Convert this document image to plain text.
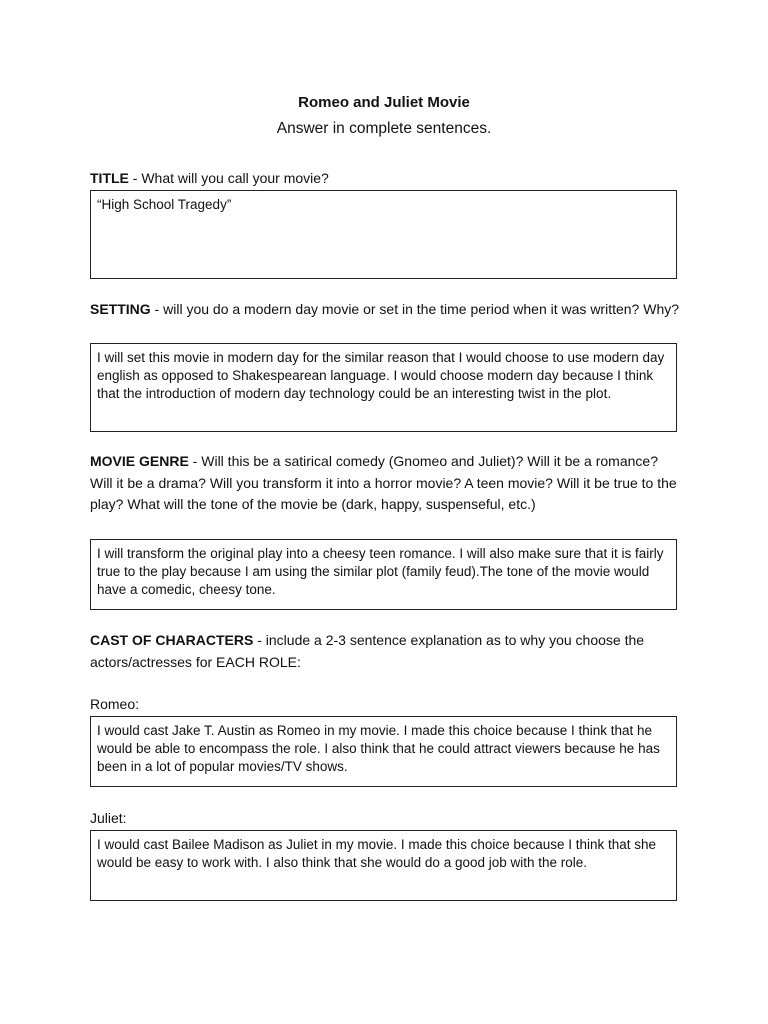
Romeo and Juliet Movie
Answer in complete sentences.
TITLE - What will you call your movie?
“High School Tragedy”
SETTING - will you do a modern day movie or set in the time period when it was written? Why?
I will set this movie in modern day for the similar reason that I would choose to use modern day english as opposed to Shakespearean language. I would choose modern day because I think that the introduction of modern day technology could be an interesting twist in the plot.
MOVIE GENRE - Will this be a satirical comedy (Gnomeo and Juliet)? Will it be a romance? Will it be a drama? Will you transform it into a horror movie? A teen movie? Will it be true to the play? What will the tone of the movie be (dark, happy, suspenseful, etc.)
I will transform the original play into a cheesy teen romance. I will also make sure that it is fairly true to the play because I am using the similar plot (family feud).The tone of the movie would have a comedic, cheesy tone.
CAST OF CHARACTERS - include a 2-3 sentence explanation as to why you choose the actors/actresses for EACH ROLE:
Romeo:
I would cast Jake T. Austin as Romeo in my movie. I made this choice because I think that he would be able to encompass the role. I also think that he could attract viewers because he has been in a lot of popular movies/TV shows.
Juliet:
I would cast Bailee Madison as Juliet in my movie. I made this choice because I think that she would be easy to work with. I also think that she would do a good job with the role.
